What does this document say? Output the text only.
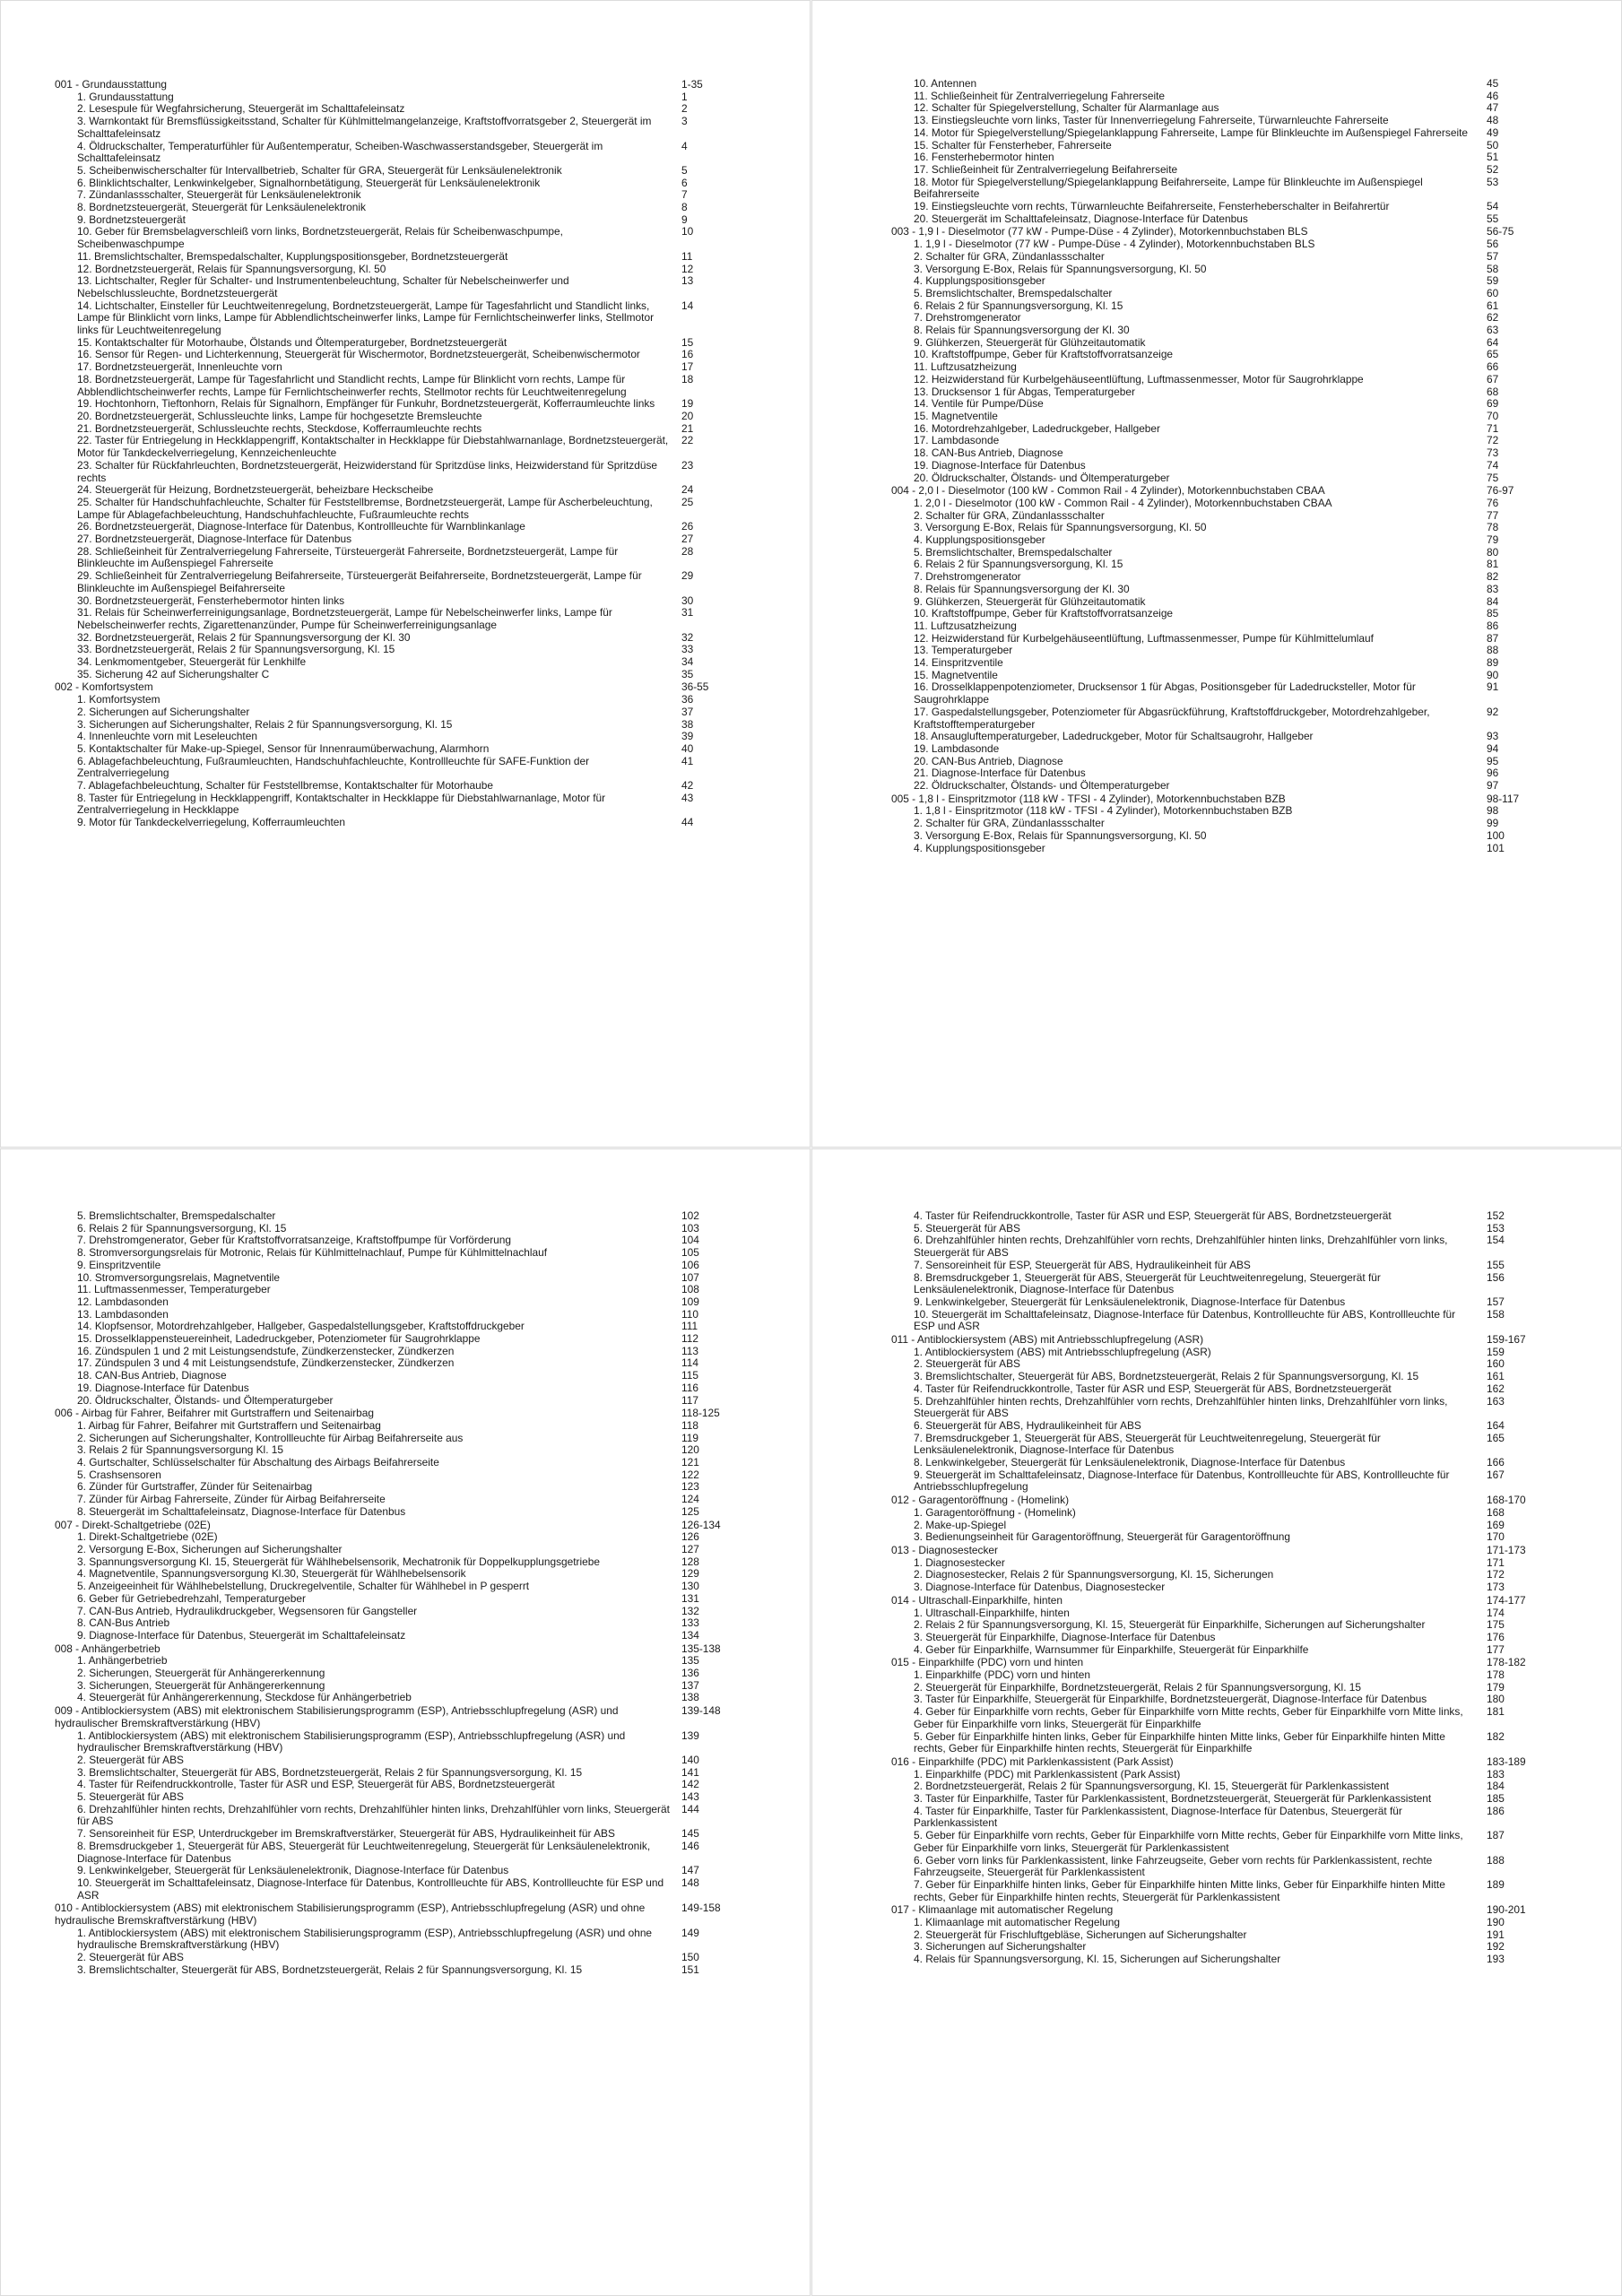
001 - Grundausstattung	1-35
1. Grundausstattung	1
2. Lesespule für Wegfahrsicherung, Steuergerät im Schalttafeleinsatz	2
3. Warnkontakt für Bremsflüssigkeitsstand, Schalter für Kühlmittelmangelanzeige, Kraftstoffvorratsgeber 2, Steuergerät im Schalttafeleinsatz
3
4. Öldruckschalter, Temperaturfühler für Außentemperatur, Scheiben-Waschwasserstandsgeber, Steuergerät im Schalttafeleinsatz
4
5. Scheibenwischerschalter für Intervallbetrieb, Schalter für GRA, Steuergerät für Lenksäulenelektronik	5
6. Blinklichtschalter, Lenkwinkelgeber, Signalhornbetätigung, Steuergerät für Lenksäulenelektronik	6
7. Zündanlassschalter, Steuergerät für Lenksäulenelektronik	7
8. Bordnetzsteuergerät, Steuergerät für Lenksäulenelektronik	8
9. Bordnetzsteuergerät	9
10. Geber für Bremsbelagverschleiß vorn links, Bordnetzsteuergerät, Relais für Scheibenwaschpumpe, Scheibenwaschpumpe
10
11. Bremslichtschalter, Bremspedalschalter, Kupplungspositionsgeber, Bordnetzsteuergerät	11
12. Bordnetzsteuergerät, Relais für Spannungsversorgung, Kl. 50	12
13. Lichtschalter, Regler für Schalter- und Instrumentenbeleuchtung, Schalter für Nebelscheinwerfer und Nebelschlussleuchte, Bordnetzsteuergerät
13
14. Lichtschalter, Einsteller für Leuchtweitenregelung, Bordnetzsteuergerät, Lampe für Tagesfahrlicht und Standlicht links, Lampe für Blinklicht vorn links, Lampe für Abblendlichtscheinwerfer links, Lampe für Fernlichtscheinwerfer links, Stellmotor links für Leuchtweitenregelung
14
15. Kontaktschalter für Motorhaube, Ölstands und Öltemperaturgeber, Bordnetzsteuergerät	15
16. Sensor für Regen- und Lichterkennung, Steuergerät für Wischermotor, Bordnetzsteuergerät, Scheibenwischermotor	16
17. Bordnetzsteuergerät, Innenleuchte vorn	17
18. Bordnetzsteuergerät, Lampe für Tagesfahrlicht und Standlicht rechts, Lampe für Blinklicht vorn rechts, Lampe für Abblendlichtscheinwerfer rechts, Lampe für Fernlichtscheinwerfer rechts, Stellmotor rechts für Leuchtweitenregelung
18
19. Hochtonhorn, Tieftonhorn, Relais für Signalhorn, Empfänger für Funkuhr, Bordnetzsteuergerät, Kofferraumleuchte links	19
20. Bordnetzsteuergerät, Schlussleuchte links, Lampe für hochgesetzte Bremsleuchte	20
21. Bordnetzsteuergerät, Schlussleuchte rechts, Steckdose, Kofferraumleuchte rechts	21
22. Taster für Entriegelung in Heckklappengriff, Kontaktschalter in Heckklappe für Diebstahlwarnanlage, Bordnetzsteuergerät, Motor für Tankdeckelverriegelung, Kennzeichenleuchte
22
23. Schalter für Rückfahrleuchten, Bordnetzsteuergerät, Heizwiderstand für Spritzdüse links, Heizwiderstand für Spritzdüse rechts
23
24. Steuergerät für Heizung, Bordnetzsteuergerät, beheizbare Heckscheibe	24
25. Schalter für Handschuhfachleuchte, Schalter für Feststellbremse, Bordnetzsteuergerät, Lampe für Ascherbeleuchtung, Lampe für Ablagefachbeleuchtung, Handschuhfachleuchte, Fußraumleuchte rechts
25
26. Bordnetzsteuergerät, Diagnose-Interface für Datenbus, Kontrollleuchte für Warnblinkanlage	26
27. Bordnetzsteuergerät, Diagnose-Interface für Datenbus	27
28. Schließeinheit für Zentralverriegelung Fahrerseite, Türsteuergerät Fahrerseite, Bordnetzsteuergerät, Lampe für Blinkleuchte im Außenspiegel Fahrerseite
28
29. Schließeinheit für Zentralverriegelung Beifahrerseite, Türsteuergerät Beifahrerseite, Bordnetzsteuergerät, Lampe für Blinkleuchte im Außenspiegel Beifahrerseite
29
30. Bordnetzsteuergerät, Fensterhebermotor hinten links	30
31. Relais für Scheinwerferreinigungsanlage, Bordnetzsteuergerät, Lampe für Nebelscheinwerfer links, Lampe für Nebelscheinwerfer rechts, Zigarettenanzünder, Pumpe für Scheinwerferreinigungsanlage
31
32. Bordnetzsteuergerät, Relais 2 für Spannungsversorgung der Kl. 30	32
33. Bordnetzsteuergerät, Relais 2 für Spannungsversorgung, Kl. 15	33
34. Lenkmomentgeber, Steuergerät für Lenkhilfe	34
35. Sicherung 42 auf Sicherungshalter C	35
002 - Komfortsystem	36-55
1. Komfortsystem	36
2. Sicherungen auf Sicherungshalter	37
3. Sicherungen auf Sicherungshalter, Relais 2 für Spannungsversorgung, Kl. 15	38
4. Innenleuchte vorn mit Leseleuchten	39
5. Kontaktschalter für Make-up-Spiegel, Sensor für Innenraumüberwachung, Alarmhorn	40
6. Ablagefachbeleuchtung, Fußraumleuchten, Handschuhfachleuchte, Kontrollleuchte für SAFE-Funktion der Zentralverriegelung
41
7. Ablagefachbeleuchtung, Schalter für Feststellbremse, Kontaktschalter für Motorhaube	42
8. Taster für Entriegelung in Heckklappengriff, Kontaktschalter in Heckklappe für Diebstahlwarnanlage, Motor für Zentralverriegelung in Heckklappe
43
9. Motor für Tankdeckelverriegelung, Kofferraumleuchten	44
10. Antennen	45
11. Schließeinheit für Zentralverriegelung Fahrerseite	46
12. Schalter für Spiegelverstellung, Schalter für Alarmanlage aus	47
13. Einstiegsleuchte vorn links, Taster für Innenverriegelung Fahrerseite, Türwarnleuchte Fahrerseite	48
14. Motor für Spiegelverstellung/Spiegelanklappung Fahrerseite, Lampe für Blinkleuchte im Außenspiegel Fahrerseite	49
15. Schalter für Fensterheber, Fahrerseite	50
16. Fensterhebermotor hinten	51
17. Schließeinheit für Zentralverriegelung Beifahrerseite	52
18. Motor für Spiegelverstellung/Spiegelanklappung Beifahrerseite, Lampe für Blinkleuchte im Außenspiegel Beifahrerseite
53
19. Einstiegsleuchte vorn rechts, Türwarnleuchte Beifahrerseite, Fensterheberschalter in Beifahrertür	54
20. Steuergerät im Schalttafeleinsatz, Diagnose-Interface für Datenbus	55
003 - 1,9 l - Dieselmotor (77 kW - Pumpe-Düse - 4 Zylinder), Motorkennbuchstaben BLS	56-75
1. 1,9 l - Dieselmotor (77 kW - Pumpe-Düse - 4 Zylinder), Motorkennbuchstaben BLS	56
2. Schalter für GRA, Zündanlassschalter	57
3. Versorgung E-Box, Relais für Spannungsversorgung, Kl. 50	58
4. Kupplungspositionsgeber	59
5. Bremslichtschalter, Bremspedalschalter	60
6. Relais 2 für Spannungsversorgung, Kl. 15	61
7. Drehstromgenerator	62
8. Relais für Spannungsversorgung der Kl. 30	63
9. Glühkerzen, Steuergerät für Glühzeitautomatik	64
10. Kraftstoffpumpe, Geber für Kraftstoffvorratsanzeige	65
11. Luftzusatzheizung	66
12. Heizwiderstand für Kurbelgehäuseentlüftung, Luftmassenmesser, Motor für Saugrohrklappe	67
13. Drucksensor 1 für Abgas, Temperaturgeber	68
14. Ventile für Pumpe/Düse	69
15. Magnetventile	70
16. Motordrehzahlgeber, Ladedruckgeber, Hallgeber	71
17. Lambdasonde	72
18. CAN-Bus Antrieb, Diagnose	73
19. Diagnose-Interface für Datenbus	74
20. Öldruckschalter, Ölstands- und Öltemperaturgeber	75
004 - 2,0 l - Dieselmotor (100 kW - Common Rail - 4 Zylinder), Motorkennbuchstaben CBAA	76-97
1. 2,0 l - Dieselmotor (100 kW - Common Rail - 4 Zylinder), Motorkennbuchstaben CBAA	76
2. Schalter für GRA, Zündanlassschalter	77
3. Versorgung E-Box, Relais für Spannungsversorgung, Kl. 50	78
4. Kupplungspositionsgeber	79
5. Bremslichtschalter, Bremspedalschalter	80
6. Relais 2 für Spannungsversorgung, Kl. 15	81
7. Drehstromgenerator	82
8. Relais für Spannungsversorgung der Kl. 30	83
9. Glühkerzen, Steuergerät für Glühzeitautomatik	84
10. Kraftstoffpumpe, Geber für Kraftstoffvorratsanzeige	85
11. Luftzusatzheizung	86
12. Heizwiderstand für Kurbelgehäuseentlüftung, Luftmassenmesser, Pumpe für Kühlmittelumlauf	87
13. Temperaturgeber	88
14. Einspritzventile	89
15. Magnetventile	90
16. Drosselklappenpotenziometer, Drucksensor 1 für Abgas, Positionsgeber für Ladedrucksteller, Motor für Saugrohrklappe
91
17. Gaspedalstellungsgeber, Potenziometer für Abgasrückführung, Kraftstoffdruckgeber, Motordrehzahlgeber, Kraftstofftemperaturgeber
92
18. Ansaugluftemperaturgeber, Ladedruckgeber, Motor für Schaltsaugrohr, Hallgeber	93
19. Lambdasonde	94
20. CAN-Bus Antrieb, Diagnose	95
21. Diagnose-Interface für Datenbus	96
22. Öldruckschalter, Ölstands- und Öltemperaturgeber	97
005 - 1,8 l - Einspritzmotor (118 kW - TFSI - 4 Zylinder), Motorkennbuchstaben BZB	98-117
1. 1,8 l - Einspritzmotor (118 kW - TFSI - 4 Zylinder), Motorkennbuchstaben BZB	98
2. Schalter für GRA, Zündanlassschalter	99
3. Versorgung E-Box, Relais für Spannungsversorgung, Kl. 50	100
4. Kupplungspositionsgeber	101
5. Bremslichtschalter, Bremspedalschalter	102
6. Relais 2 für Spannungsversorgung, Kl. 15	103
7. Drehstromgenerator, Geber für Kraftstoffvorratsanzeige, Kraftstoffpumpe für Vorförderung	104
8. Stromversorgungsrelais für Motronic, Relais für Kühlmittelnachlauf, Pumpe für Kühlmittelnachlauf	105
9. Einspritzventile	106
10. Stromversorgungsrelais, Magnetventile	107
11. Luftmassenmesser, Temperaturgeber	108
12. Lambdasonden	109
13. Lambdasonden	110
14. Klopfsensor, Motordrehzahlgeber, Hallgeber, Gaspedalstellungsgeber, Kraftstoffdruckgeber	111
15. Drosselklappensteuereinheit, Ladedruckgeber, Potenziometer für Saugrohrklappe	112
16. Zündspulen 1 und 2 mit Leistungsendstufe, Zündkerzenstecker, Zündkerzen	113
17. Zündspulen 3 und 4 mit Leistungsendstufe, Zündkerzenstecker, Zündkerzen	114
18. CAN-Bus Antrieb, Diagnose	115
19. Diagnose-Interface für Datenbus	116
20. Öldruckschalter, Ölstands- und Öltemperaturgeber	117
006 - Airbag für Fahrer, Beifahrer mit Gurtstraffern und Seitenairbag	118-125
1. Airbag für Fahrer, Beifahrer mit Gurtstraffern und Seitenairbag	118
2. Sicherungen auf Sicherungshalter, Kontrollleuchte für Airbag Beifahrerseite aus	119
3. Relais 2 für Spannungsversorgung Kl. 15	120
4. Gurtschalter, Schlüsselschalter für Abschaltung des Airbags Beifahrerseite	121
5. Crashsensoren	122
6. Zünder für Gurtstraffer, Zünder für Seitenairbag	123
7. Zünder für Airbag Fahrerseite, Zünder für Airbag Beifahrerseite	124
8. Steuergerät im Schalttafeleinsatz, Diagnose-Interface für Datenbus	125
007 - Direkt-Schaltgetriebe (02E)	126-134
1. Direkt-Schaltgetriebe (02E)	126
2. Versorgung E-Box, Sicherungen auf Sicherungshalter	127
3. Spannungsversorgung Kl. 15, Steuergerät für Wählhebelsensorik, Mechatronik für Doppelkupplungsgetriebe	128
4. Magnetventile, Spannungsversorgung Kl.30, Steuergerät für Wählhebelsensorik	129
5. Anzeigeeinheit für Wählhebelstellung, Druckregelventile, Schalter für Wählhebel in P gesperrt	130
6. Geber für Getriebedrehzahl, Temperaturgeber	131
7. CAN-Bus Antrieb, Hydraulikdruckgeber, Wegsensoren für Gangsteller	132
8. CAN-Bus Antrieb	133
9. Diagnose-Interface für Datenbus, Steuergerät im Schalttafeleinsatz	134
008 - Anhängerbetrieb	135-138
1. Anhängerbetrieb	135
2. Sicherungen, Steuergerät für Anhängererkennung	136
3. Sicherungen, Steuergerät für Anhängererkennung	137
4. Steuergerät für Anhängererkennung, Steckdose für Anhängerbetrieb	138
009 - Antiblockiersystem (ABS) mit elektronischem Stabilisierungsprogramm (ESP), Antriebsschlupfregelung (ASR) und hydraulischer Bremskraftverstärkung (HBV)
139-148
1. Antiblockiersystem (ABS) mit elektronischem Stabilisierungsprogramm (ESP), Antriebsschlupfregelung (ASR) und hydraulischer Bremskraftverstärkung (HBV)
139
2. Steuergerät für ABS	140
3. Bremslichtschalter, Steuergerät für ABS, Bordnetzsteuergerät, Relais 2 für Spannungsversorgung, Kl. 15	141
4. Taster für Reifendruckkontrolle, Taster für ASR und ESP, Steuergerät für ABS, Bordnetzsteuergerät	142
5. Steuergerät für ABS	143
6. Drehzahlfühler hinten rechts, Drehzahlfühler vorn rechts, Drehzahlfühler hinten links, Drehzahlfühler vorn links, Steuergerät für ABS
144
7. Sensoreinheit für ESP, Unterdruckgeber im Bremskraftverstärker, Steuergerät für ABS, Hydraulikeinheit für ABS	145
8. Bremsdruckgeber 1, Steuergerät für ABS, Steuergerät für Leuchtweitenregelung, Steuergerät für Lenksäulenelektronik, Diagnose-Interface für Datenbus
146
9. Lenkwinkelgeber, Steuergerät für Lenksäulenelektronik, Diagnose-Interface für Datenbus	147
10. Steuergerät im Schalttafeleinsatz, Diagnose-Interface für Datenbus, Kontrollleuchte für ABS, Kontrollleuchte für ESP und ASR
148
010 - Antiblockiersystem (ABS) mit elektronischem Stabilisierungsprogramm (ESP), Antriebsschlupfregelung (ASR) und ohne hydraulische Bremskraftverstärkung (HBV)
149-158
1. Antiblockiersystem (ABS) mit elektronischem Stabilisierungsprogramm (ESP), Antriebsschlupfregelung (ASR) und ohne hydraulische Bremskraftverstärkung (HBV)
149
2. Steuergerät für ABS	150
3. Bremslichtschalter, Steuergerät für ABS, Bordnetzsteuergerät, Relais 2 für Spannungsversorgung, Kl. 15	151
4. Taster für Reifendruckkontrolle, Taster für ASR und ESP, Steuergerät für ABS, Bordnetzsteuergerät	152
5. Steuergerät für ABS	153
6. Drehzahlfühler hinten rechts, Drehzahlfühler vorn rechts, Drehzahlfühler hinten links, Drehzahlfühler vorn links, Steuergerät für ABS
154
7. Sensoreinheit für ESP, Steuergerät für ABS, Hydraulikeinheit für ABS	155
8. Bremsdruckgeber 1, Steuergerät für ABS, Steuergerät für Leuchtweitenregelung, Steuergerät für Lenksäulenelektronik, Diagnose-Interface für Datenbus
156
9. Lenkwinkelgeber, Steuergerät für Lenksäulenelektronik, Diagnose-Interface für Datenbus	157
10. Steuergerät im Schalttafeleinsatz, Diagnose-Interface für Datenbus, Kontrollleuchte für ABS, Kontrollleuchte für ESP und ASR
158
011 - Antiblockiersystem (ABS) mit Antriebsschlupfregelung (ASR)	159-167
1. Antiblockiersystem (ABS) mit Antriebsschlupfregelung (ASR)	159
2. Steuergerät für ABS	160
3. Bremslichtschalter, Steuergerät für ABS, Bordnetzsteuergerät, Relais 2 für Spannungsversorgung, Kl. 15	161
4. Taster für Reifendruckkontrolle, Taster für ASR und ESP, Steuergerät für ABS, Bordnetzsteuergerät	162
5. Drehzahlfühler hinten rechts, Drehzahlfühler vorn rechts, Drehzahlfühler hinten links, Drehzahlfühler vorn links, Steuergerät für ABS
163
6. Steuergerät für ABS, Hydraulikeinheit für ABS	164
7. Bremsdruckgeber 1, Steuergerät für ABS, Steuergerät für Leuchtweitenregelung, Steuergerät für Lenksäulenelektronik, Diagnose-Interface für Datenbus
165
8. Lenkwinkelgeber, Steuergerät für Lenksäulenelektronik, Diagnose-Interface für Datenbus	166
9. Steuergerät im Schalttafeleinsatz, Diagnose-Interface für Datenbus, Kontrollleuchte für ABS, Kontrollleuchte für Antriebsschlupfregelung
167
012 - Garagentoröffnung - (Homelink)	168-170
1. Garagentoröffnung - (Homelink)	168
2. Make-up-Spiegel	169
3. Bedienungseinheit für Garagentoröffnung, Steuergerät für Garagentoröffnung	170
013 - Diagnosestecker	171-173
1. Diagnosestecker	171
2. Diagnosestecker, Relais 2 für Spannungsversorgung, Kl. 15, Sicherungen	172
3. Diagnose-Interface für Datenbus, Diagnosestecker	173
014 - Ultraschall-Einparkhilfe, hinten	174-177
1. Ultraschall-Einparkhilfe, hinten	174
2. Relais 2 für Spannungsversorgung, Kl. 15, Steuergerät für Einparkhilfe, Sicherungen auf Sicherungshalter	175
3. Steuergerät für Einparkhilfe, Diagnose-Interface für Datenbus	176
4. Geber für Einparkhilfe, Warnsummer für Einparkhilfe, Steuergerät für Einparkhilfe	177
015 - Einparkhilfe (PDC) vorn und hinten	178-182
1. Einparkhilfe (PDC) vorn und hinten	178
2. Steuergerät für Einparkhilfe, Bordnetzsteuergerät, Relais 2 für Spannungsversorgung, Kl. 15	179
3. Taster für Einparkhilfe, Steuergerät für Einparkhilfe, Bordnetzsteuergerät, Diagnose-Interface für Datenbus	180
4. Geber für Einparkhilfe vorn rechts, Geber für Einparkhilfe vorn Mitte rechts, Geber für Einparkhilfe vorn Mitte links, Geber für Einparkhilfe vorn links, Steuergerät für Einparkhilfe
181
5. Geber für Einparkhilfe hinten links, Geber für Einparkhilfe hinten Mitte links, Geber für Einparkhilfe hinten Mitte rechts, Geber für Einparkhilfe hinten rechts, Steuergerät für Einparkhilfe
182
016 - Einparkhilfe (PDC) mit Parklenkassistent (Park Assist)	183-189
1. Einparkhilfe (PDC) mit Parklenkassistent (Park Assist)	183
2. Bordnetzsteuergerät, Relais 2 für Spannungsversorgung, Kl. 15, Steuergerät für Parklenkassistent	184
3. Taster für Einparkhilfe, Taster für Parklenkassistent, Bordnetzsteuergerät, Steuergerät für Parklenkassistent	185
4. Taster für Einparkhilfe, Taster für Parklenkassistent, Diagnose-Interface für Datenbus, Steuergerät für Parklenkassistent
186
5. Geber für Einparkhilfe vorn rechts, Geber für Einparkhilfe vorn Mitte rechts, Geber für Einparkhilfe vorn Mitte links, Geber für Einparkhilfe vorn links, Steuergerät für Parklenkassistent
187
6. Geber vorn links für Parklenkassistent, linke Fahrzeugseite, Geber vorn rechts für Parklenkassistent, rechte Fahrzeugseite, Steuergerät für Parklenkassistent
188
7. Geber für Einparkhilfe hinten links, Geber für Einparkhilfe hinten Mitte links, Geber für Einparkhilfe hinten Mitte rechts, Geber für Einparkhilfe hinten rechts, Steuergerät für Parklenkassistent
189
017 - Klimaanlage mit automatischer Regelung	190-201
1. Klimaanlage mit automatischer Regelung	190
2. Steuergerät für Frischluftgebläse, Sicherungen auf Sicherungshalter	191
3. Sicherungen auf Sicherungshalter	192
4. Relais für Spannungsversorgung, Kl. 15, Sicherungen auf Sicherungshalter	193
